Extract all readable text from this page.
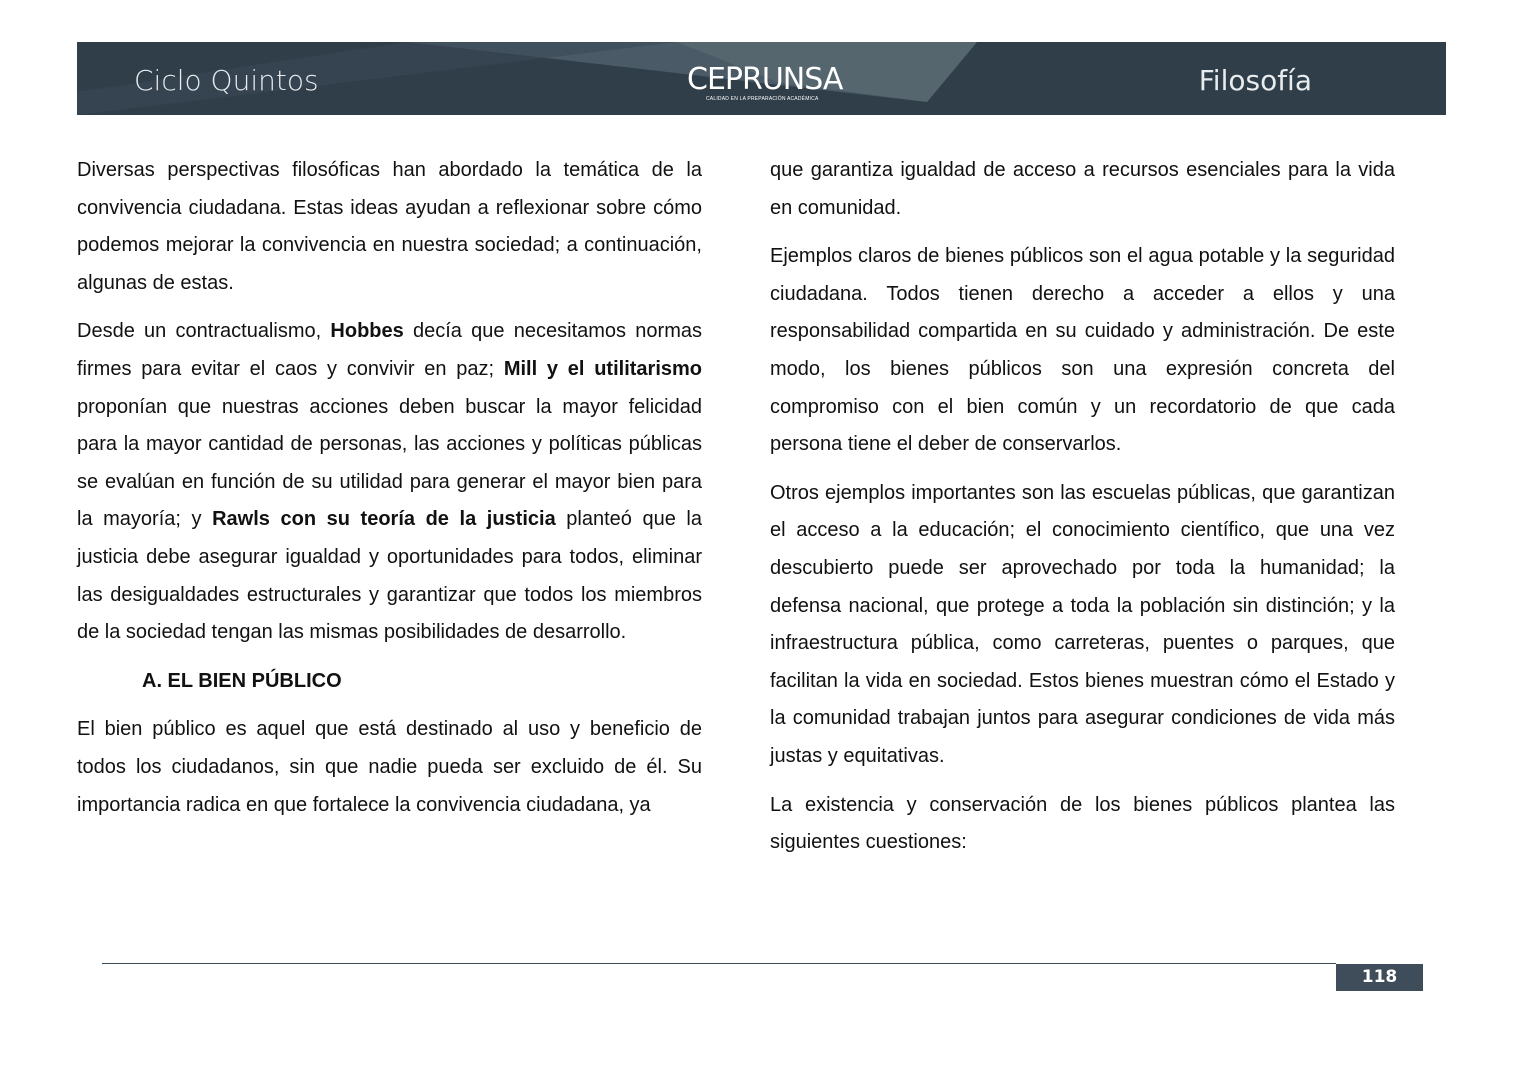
Ciclo Quintos	CEPRUNSA
CALIDAD EN LA PREPARACIÓN ACADÉMICA
Filosofía

Diversas perspectivas filosóficas han abordado la temática de la convivencia ciudadana. Estas ideas ayudan a reflexionar sobre cómo podemos mejorar la convivencia en nuestra sociedad; a continuación, algunas de estas.

Desde un contractualismo, Hobbes decía que necesitamos normas firmes para evitar el caos y convivir en paz; Mill y el utilitarismo proponían que nuestras acciones deben buscar la mayor felicidad para la mayor cantidad de personas, las acciones y políticas públicas se evalúan en función de su utilidad para generar el mayor bien para la mayoría; y Rawls con su teoría de la justicia planteó que la justicia debe asegurar igualdad y oportunidades para todos, eliminar las desigualdades estructurales y garantizar que todos los miembros de la sociedad tengan las mismas posibilidades de desarrollo.

A. EL BIEN PÚBLICO

El bien público es aquel que está destinado al uso y beneficio de todos los ciudadanos, sin que nadie pueda ser excluido de él. Su importancia radica en que fortalece la convivencia ciudadana, ya

que garantiza igualdad de acceso a recursos esenciales para la vida en comunidad.

Ejemplos claros de bienes públicos son el agua potable y la seguridad ciudadana. Todos tienen derecho a acceder a ellos y una responsabilidad compartida en su cuidado y administración. De este modo, los bienes públicos son una expresión concreta del compromiso con el bien común y un recordatorio de que cada persona tiene el deber de conservarlos.

Otros ejemplos importantes son las escuelas públicas, que garantizan el acceso a la educación; el conocimiento científico, que una vez descubierto puede ser aprovechado por toda la humanidad; la defensa nacional, que protege a toda la población sin distinción; y la infraestructura pública, como carreteras, puentes o parques, que facilitan la vida en sociedad. Estos bienes muestran cómo el Estado y la comunidad trabajan juntos para asegurar condiciones de vida más justas y equitativas.

La existencia y conservación de los bienes públicos plantea las siguientes cuestiones:

118
